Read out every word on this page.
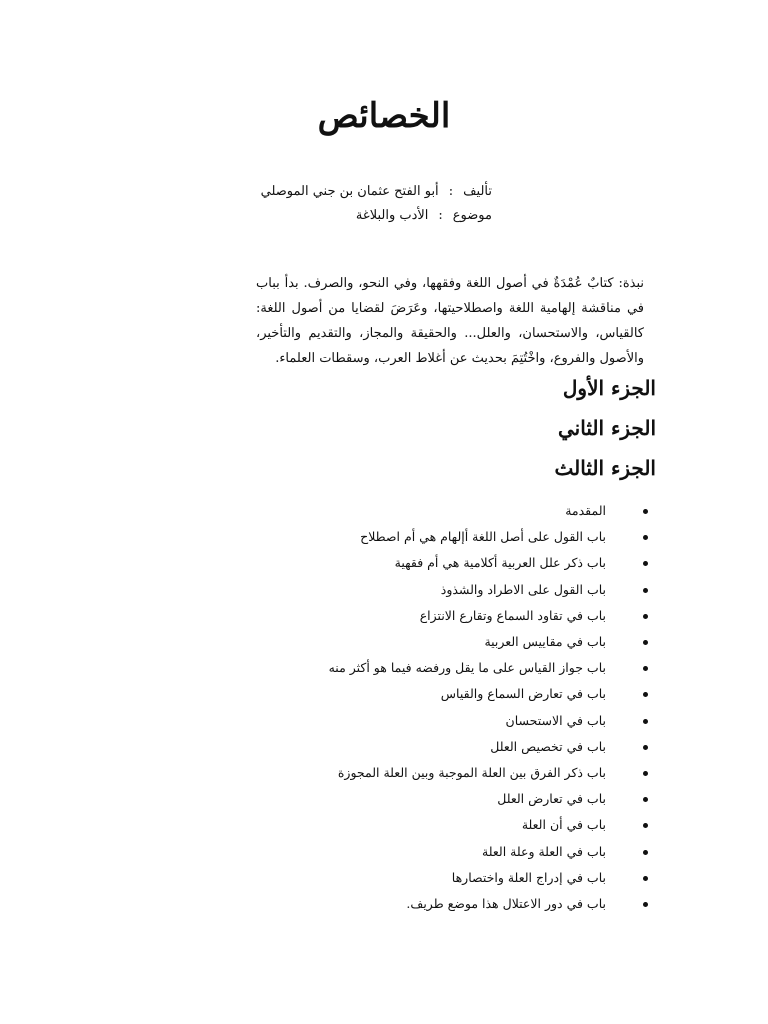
الخصائص
تأليف
:
أبو الفتح عثمان بن جني الموصلي
موضوع
:
الأدب والبلاغة

نبذة: كتابٌ عُمْدَةٌ في أصول اللغة وفقهها، وفي النحو، والصرف. بدأ بباب في مناقشة إلهامية اللغة واصطلاحيتها، وعَرَضَ لقضايا من أصول اللغة: كالقياس، والاستحسان، والعلل... والحقيقة والمجاز، والتقديم والتأخير، والأصول والفروع، واخْتُتِمَ بحديث عن أغلاط العرب، وسقطات العلماء.

الجزء الأول
الجزء الثاني
الجزء الثالث
المقدمة
باب القول على أصل اللغة أإلهام هي أم اصطلاح
باب ذكر علل العربية أكلامية هي أم فقهية
باب القول على الاطراد والشذوذ
باب في تقاود السماع وتقارع الانتزاع
باب في مقاييس العربية
باب جواز القياس على ما يقل ورفضه فيما هو أكثر منه
باب في تعارض السماع والقياس
باب في الاستحسان
باب في تخصيص العلل
باب ذكر الفرق بين العلة الموجبة وبين العلة المجوزة
باب في تعارض العلل
باب في أن العلة
باب في العلة وعلة العلة
باب في إدراج العلة واختصارها
باب في دور الاعتلال هذا موضع طريف.
